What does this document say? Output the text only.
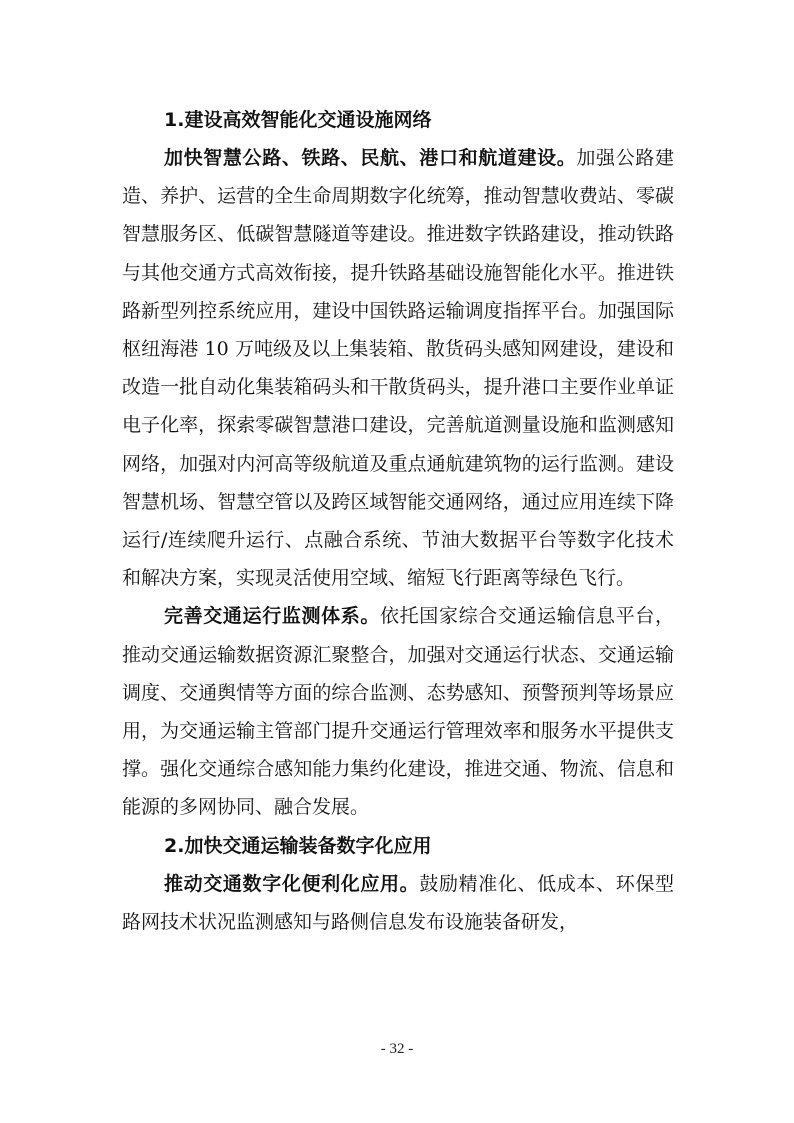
1.建设高效智能化交通设施网络

加快智慧公路、铁路、民航、港口和航道建设。加强公路建造、养护、运营的全生命周期数字化统筹，推动智慧收费站、零碳智慧服务区、低碳智慧隧道等建设。推进数字铁路建设，推动铁路与其他交通方式高效衔接，提升铁路基础设施智能化水平。推进铁路新型列控系统应用，建设中国铁路运输调度指挥平台。加强国际枢纽海港 10 万吨级及以上集装箱、散货码头感知网建设，建设和改造一批自动化集装箱码头和干散货码头，提升港口主要作业单证电子化率，探索零碳智慧港口建设，完善航道测量设施和监测感知网络，加强对内河高等级航道及重点通航建筑物的运行监测。建设智慧机场、智慧空管以及跨区域智能交通网络，通过应用连续下降运行/连续爬升运行、点融合系统、节油大数据平台等数字化技术和解决方案，实现灵活使用空域、缩短飞行距离等绿色飞行。

完善交通运行监测体系。依托国家综合交通运输信息平台，推动交通运输数据资源汇聚整合，加强对交通运行状态、交通运输调度、交通舆情等方面的综合监测、态势感知、预警预判等场景应用，为交通运输主管部门提升交通运行管理效率和服务水平提供支撑。强化交通综合感知能力集约化建设，推进交通、物流、信息和能源的多网协同、融合发展。

2.加快交通运输装备数字化应用

推动交通数字化便利化应用。鼓励精准化、低成本、环保型路网技术状况监测感知与路侧信息发布设施装备研发，

- 32 -
